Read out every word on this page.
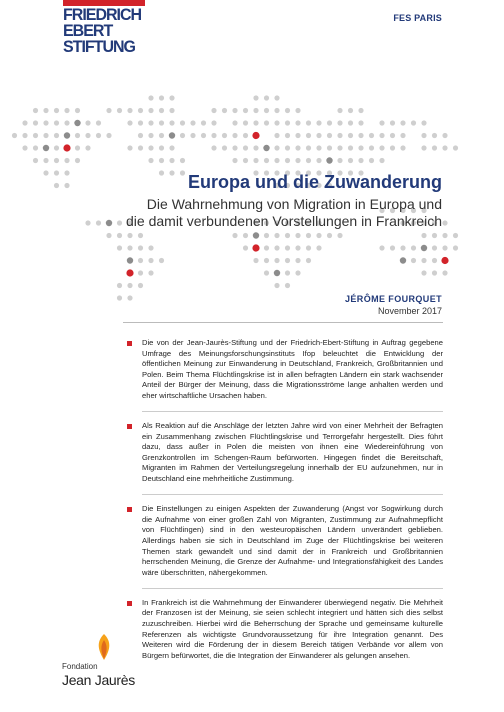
FRIEDRICH
EBERT
STIFTUNG
FES PARIS
Europa und die Zuwanderung
Die Wahrnehmung von Migration in Europa und
die damit verbundenen Vorstellungen in Frankreich
JÉRÔME FOURQUET
November 2017
Die von der Jean-Jaurès-Stiftung und der Friedrich-Ebert-Stiftung in Auftrag gegebene Umfrage des Meinungsforschungsinstituts Ifop beleuchtet die Entwicklung der öffentlichen Meinung zur Einwanderung in Deutschland, Frankreich, Großbritannien und Polen. Beim Thema Flüchtlingskrise ist in allen befragten Ländern ein stark wachsender Anteil der Bürger der Meinung, dass die Migrationsströme lange anhalten werden und eher wirtschaftliche Ursachen haben.
Als Reaktion auf die Anschläge der letzten Jahre wird von einer Mehrheit der Befragten ein Zusammenhang zwischen Flüchtlingskrise und Terrorgefahr hergestellt. Dies führt dazu, dass außer in Polen die meisten von ihnen eine Wiedereinführung von Grenzkontrollen im Schengen-Raum befürworten. Hingegen findet die Bereitschaft, Migranten im Rahmen der Verteilungsregelung innerhalb der EU aufzunehmen, nur in Deutschland eine mehrheitliche Zustimmung.
Die Einstellungen zu einigen Aspekten der Zuwanderung (Angst vor Sogwirkung durch die Aufnahme von einer großen Zahl von Migranten, Zustimmung zur Aufnahmepflicht von Flüchtlingen) sind in den westeuropäischen Ländern unverändert geblieben. Allerdings haben sie sich in Deutschland im Zuge der Flüchtlingskrise bei weiteren Themen stark gewandelt und sind damit der in Frankreich und Großbritannien herrschenden Meinung, die Grenze der Aufnahme- und Integrationsfähigkeit des Landes wäre überschritten, nähergekommen.
In Frankreich ist die Wahrnehmung der Einwanderer überwiegend negativ. Die Mehrheit der Franzosen ist der Meinung, sie seien schlecht integriert und hätten sich dies selbst zuzuschreiben. Hierbei wird die Beherrschung der Sprache und gemeinsame kulturelle Referenzen als wichtigste Grundvoraussetzung für ihre Integration genannt. Des Weiteren wird die Förderung der in diesem Bereich tätigen Verbände vor allem von Bürgern befürwortet, die die Integration der Einwanderer als gelungen ansehen.
Fondation
Jean Jaurès
